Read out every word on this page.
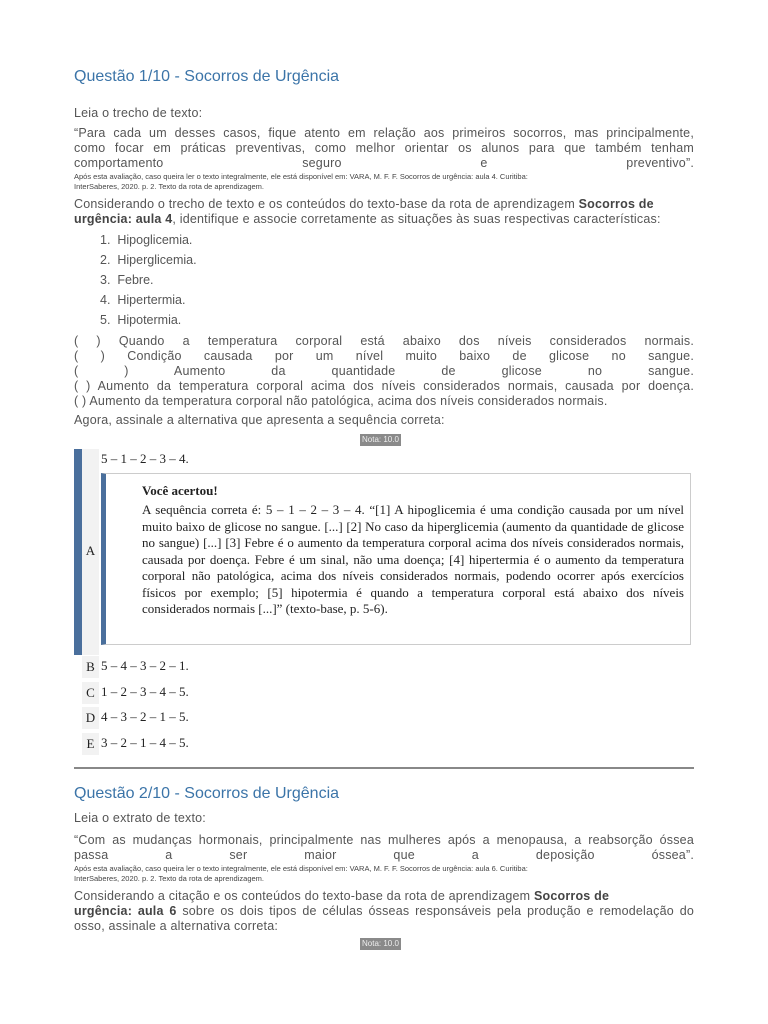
Questão 1/10 - Socorros de Urgência
Leia o trecho de texto:
“Para cada um desses casos, fique atento em relação aos primeiros socorros, mas principalmente,
como focar em práticas preventivas, como melhor orientar os alunos para que também tenham
comportamento seguro e preventivo”.
Após esta avaliação, caso queira ler o texto integralmente, ele está disponível em: VARA, M. F. F. Socorros de urgência: aula 4. Curitiba:
InterSaberes, 2020. p. 2. Texto da rota de aprendizagem.
Considerando o trecho de texto e os conteúdos do texto-base da rota de aprendizagem Socorros de
urgência: aula 4, identifique e associe corretamente as situações às suas respectivas características:
1.  Hipoglicemia.
2.  Hiperglicemia.
3.  Febre.
4.  Hipertermia.
5.  Hipotermia.
( ) Quando a temperatura corporal está abaixo dos níveis considerados normais.
( ) Condição causada por um nível muito baixo de glicose no sangue.
( ) Aumento da quantidade de glicose no sangue.
( ) Aumento da temperatura corporal acima dos níveis considerados normais, causada por doença.
( ) Aumento da temperatura corporal não patológica, acima dos níveis considerados normais.
Agora, assinale a alternativa que apresenta a sequência correta:
Nota: 10.0
A
5 – 1 – 2 – 3 – 4.
Você acertou!
A sequência correta é: 5 – 1 – 2 – 3 – 4. “[1] A hipoglicemia é uma condição causada por um nível muito baixo de glicose no sangue. [...] [2] No caso da hiperglicemia (aumento da quantidade de glicose no sangue) [...] [3] Febre é o aumento da temperatura corporal acima dos níveis considerados normais, causada por doença. Febre é um sinal, não uma doença; [4] hipertermia é o aumento da temperatura corporal não patológica, acima dos níveis considerados normais, podendo ocorrer após exercícios físicos por exemplo; [5] hipotermia é quando a temperatura corporal está abaixo dos níveis considerados normais [...]” (texto-base, p. 5-6).
B 5 – 4 – 3 – 2 – 1.
C 1 – 2 – 3 – 4 – 5.
D 4 – 3 – 2 – 1 – 5.
E 3 – 2 – 1 – 4 – 5.
Questão 2/10 - Socorros de Urgência
Leia o extrato de texto:
“Com as mudanças hormonais, principalmente nas mulheres após a menopausa, a reabsorção óssea
passa a ser maior que a deposição óssea”.
Após esta avaliação, caso queira ler o texto integralmente, ele está disponível em: VARA, M. F. F. Socorros de urgência: aula 6. Curitiba:
InterSaberes, 2020. p. 2. Texto da rota de aprendizagem.
Considerando a citação e os conteúdos do texto-base da rota de aprendizagem Socorros de
urgência: aula 6 sobre os dois tipos de células ósseas responsáveis pela produção e remodelação do osso, assinale a alternativa correta:
Nota: 10.0
